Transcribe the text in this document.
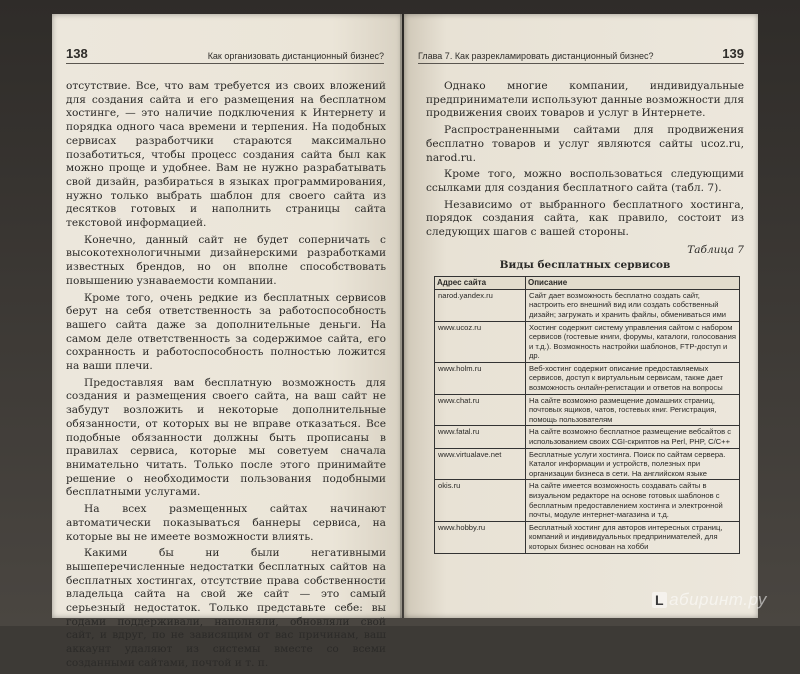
138	Как организовать дистанционный бизнес?

отсутствие. Все, что вам требуется из своих вложений для создания сайта и его размещения на бесплатном хостинге, — это наличие подключения к Интернету и порядка одного часа времени и терпения. На подобных сервисах разработчики стараются максимально позаботиться, чтобы процесс создания сайта был как можно проще и удобнее. Вам не нужно разрабатывать свой дизайн, разбираться в языках программирования, нужно только выбрать шаблон для своего сайта из десятков готовых и наполнить страницы сайта текстовой информацией.

Конечно, данный сайт не будет соперничать с высокотехнологичными дизайнерскими разработками известных брендов, но он вполне способствовать повышению узнаваемости компании.

Кроме того, очень редкие из бесплатных сервисов берут на себя ответственность за работоспособность вашего сайта даже за дополнительные деньги. На самом деле ответственность за содержимое сайта, его сохранность и работоспособность полностью ложится на ваши плечи.

Предоставляя вам бесплатную возможность для создания и размещения своего сайта, на ваш сайт не забудут возложить и некоторые дополнительные обязанности, от которых вы не вправе отказаться. Все подобные обязанности должны быть прописаны в правилах сервиса, которые мы советуем сначала внимательно читать. Только после этого принимайте решение о необходимости пользования подобными бесплатными услугами.

На всех размещенных сайтах начинают автоматически показываться баннеры сервиса, на которые вы не имеете возможности влиять.

Какими бы ни были негативными вышеперечисленные недостатки бесплатных сайтов на бесплатных хостингах, отсутствие права собственности владельца сайта на свой же сайт — это самый серьезный недостаток. Только представьте себе: вы годами поддерживали, наполняли, обновляли свой сайт, и вдруг, по не зависящим от вас причинам, ваш аккаунт удаляют из системы вместе со всеми созданными сайтами, почтой и т. п.

Глава 7. Как разрекламировать дистанционный бизнес?	139

Однако многие компании, индивидуальные предприниматели используют данные возможности для продвижения своих товаров и услуг в Интернете.

Распространенными сайтами для продвижения бесплатно товаров и услуг являются сайты ucoz.ru, narod.ru.

Кроме того, можно воспользоваться следующими ссылками для создания бесплатного сайта (табл. 7).

Независимо от выбранного бесплатного хостинга, порядок создания сайта, как правило, состоит из следующих шагов с вашей стороны.

Таблица 7

Виды бесплатных сервисов

Адрес сайта	Описание
narod.yandex.ru	Сайт дает возможность бесплатно создать сайт, настроить его внешний вид или создать собственный дизайн; загружать и хранить файлы, обмениваться ими
www.ucoz.ru	Хостинг содержит систему управления сайтом с набором сервисов (гостевые книги, форумы, каталоги, голосования и т.д.). Возможность настройки шаблонов, FTP-доступ и др.
www.holm.ru	Веб-хостинг содержит описание предоставляемых сервисов, доступ к виртуальным сервисам, также дает возможность онлайн-регистации и ответов на вопросы
www.chat.ru	На сайте возможно размещение домашних страниц, почтовых ящиков, чатов, гостевых книг. Регистрация, помощь пользователям
www.fatal.ru	На сайте возможно бесплатное размещение вебсайтов с использованием своих CGI-скриптов на Perl, PHP, C/C++
www.virtualave.net	Бесплатные услуги хостинга. Поиск по сайтам сервера. Каталог информации и устройств, полезных при организации бизнеса в сети. На английском языке
okis.ru	На сайте имеется возможность создавать сайты в визуальном редакторе на основе готовых шаблонов с бесплатным предоставлением хостинга и электронной почты, модуле интернет-магазина и т.д.
www.hobby.ru	Бесплатный хостинг для авторов интересных страниц, компаний и индивидуальных предпринимателей, для которых бизнес основан на хобби
L абиринт.ру
